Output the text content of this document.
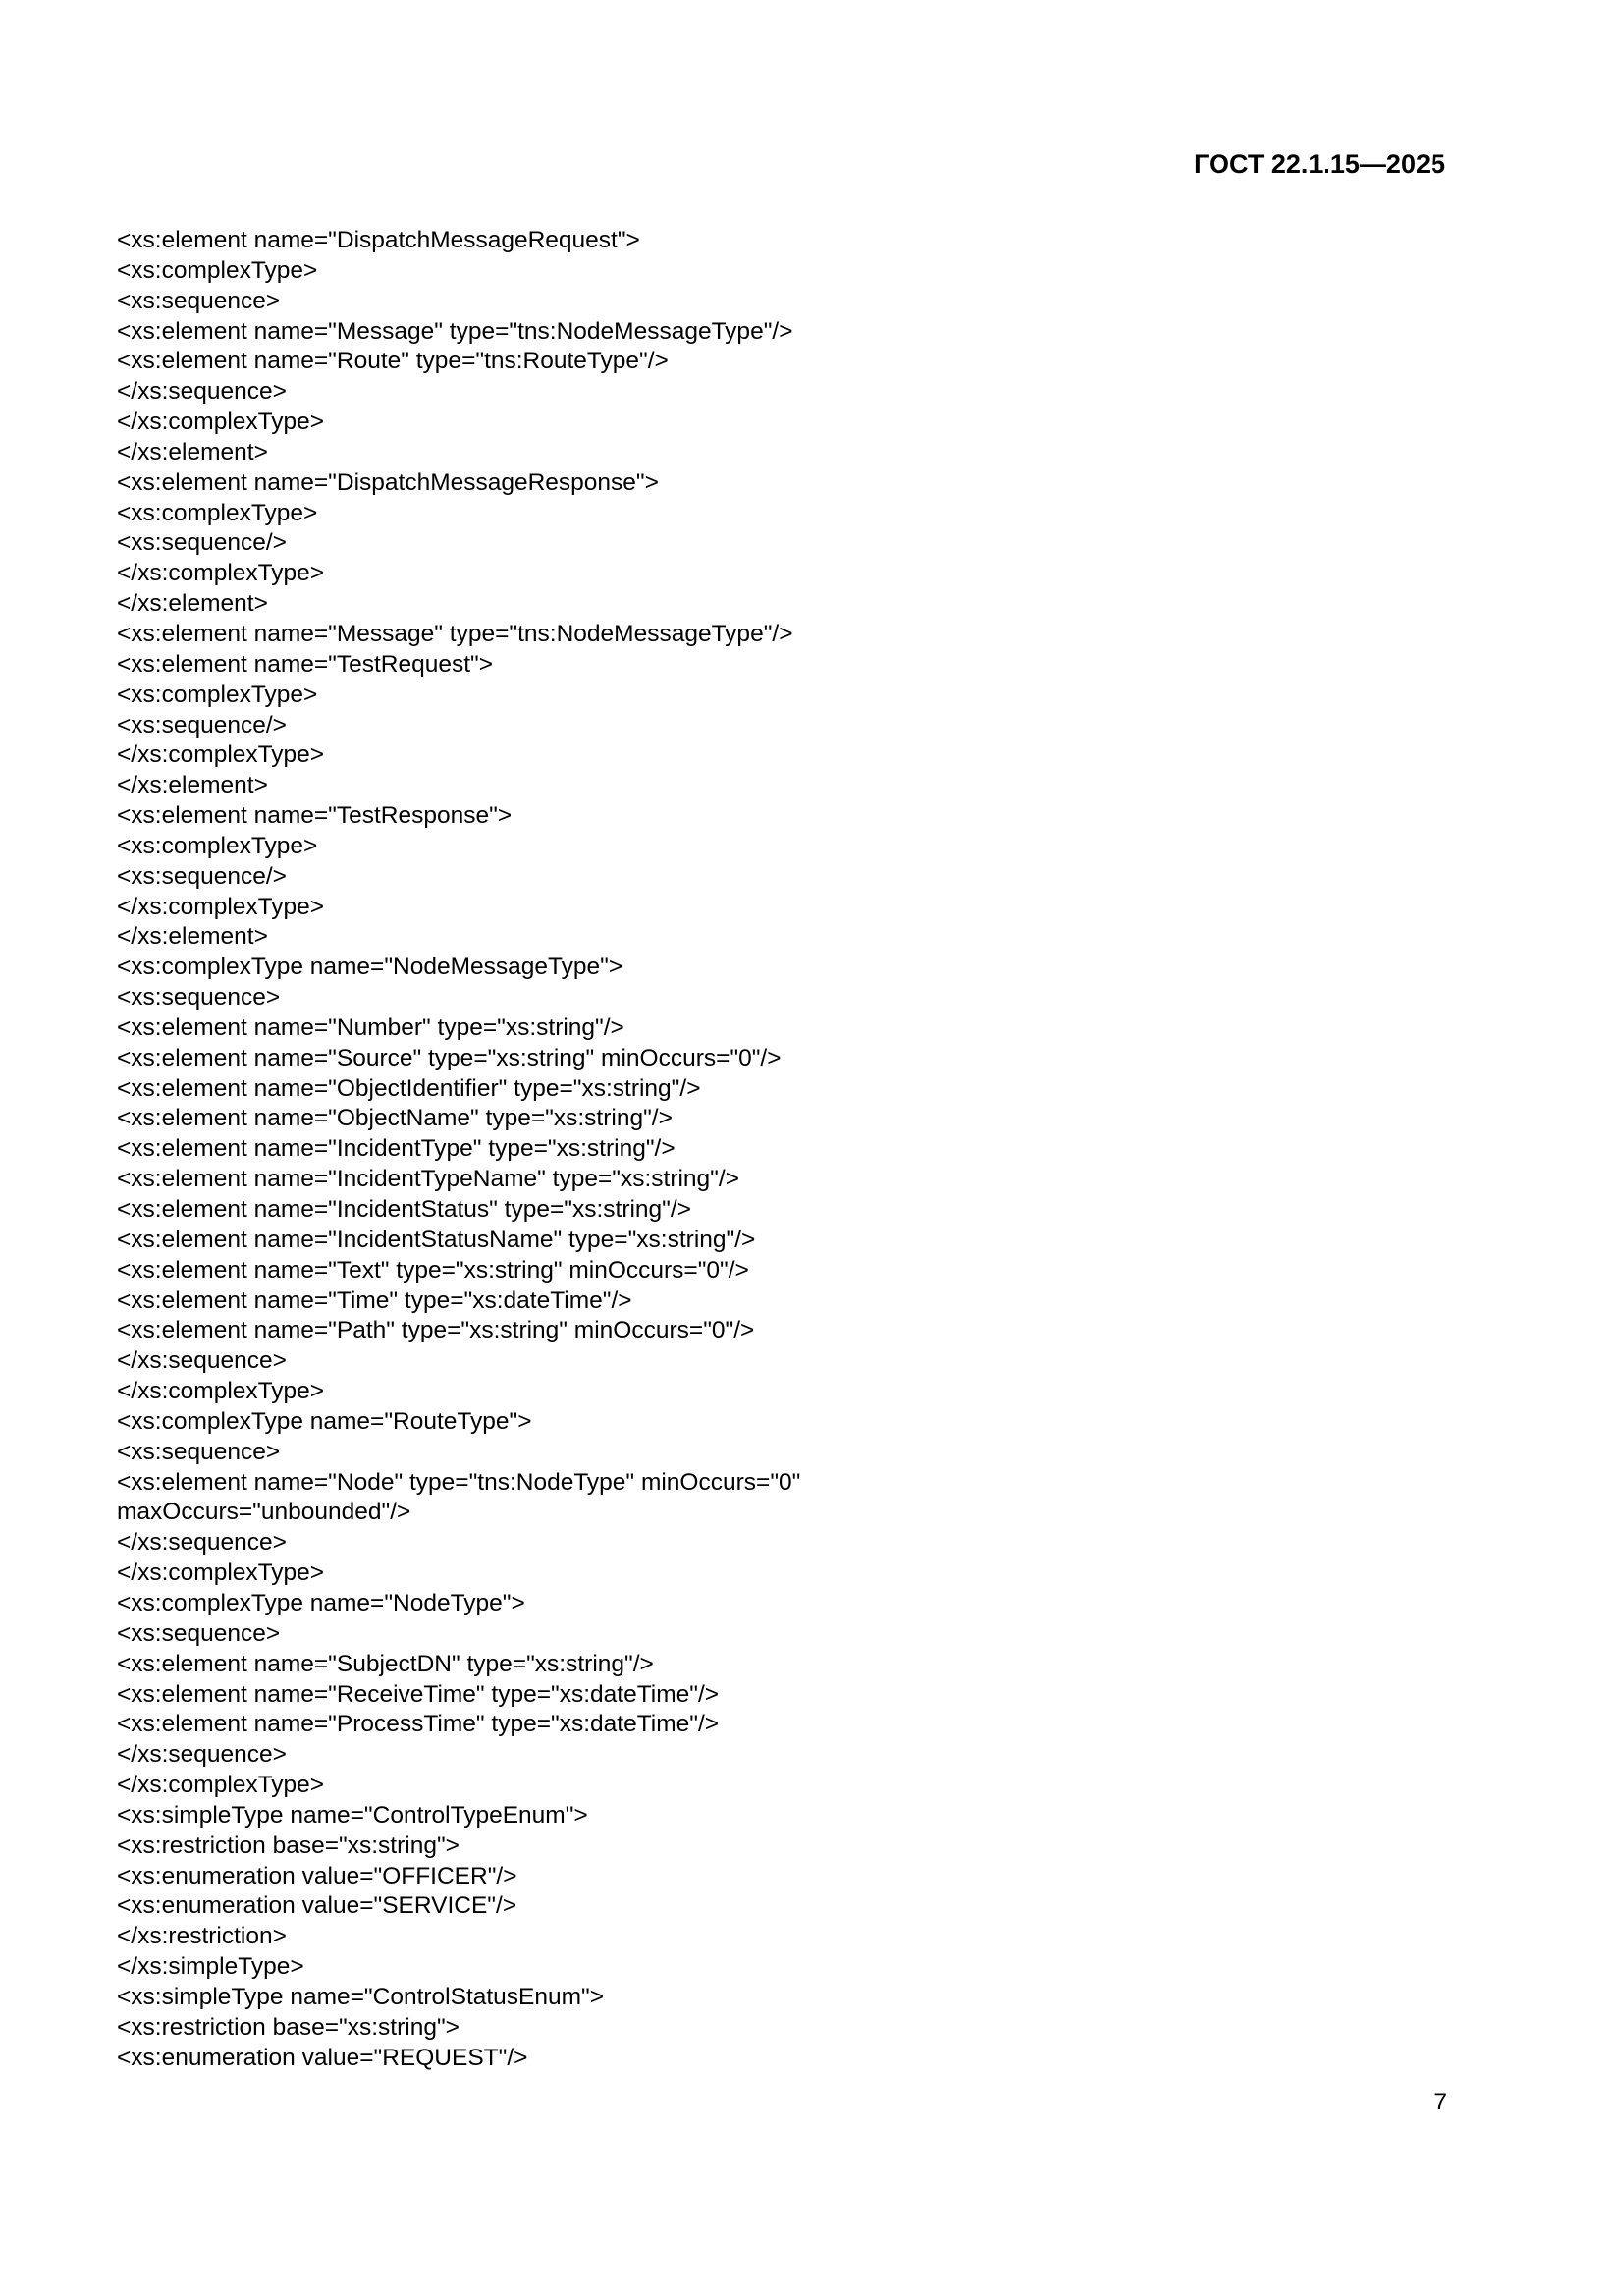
ГОСТ 22.1.15—2025
<xs:element name="DispatchMessageRequest">
<xs:complexType>
<xs:sequence>
<xs:element name="Message" type="tns:NodeMessageType"/>
<xs:element name="Route" type="tns:RouteType"/>
</xs:sequence>
</xs:complexType>
</xs:element>
<xs:element name="DispatchMessageResponse">
<xs:complexType>
<xs:sequence/>
</xs:complexType>
</xs:element>
<xs:element name="Message" type="tns:NodeMessageType"/>
<xs:element name="TestRequest">
<xs:complexType>
<xs:sequence/>
</xs:complexType>
</xs:element>
<xs:element name="TestResponse">
<xs:complexType>
<xs:sequence/>
</xs:complexType>
</xs:element>
<xs:complexType name="NodeMessageType">
<xs:sequence>
<xs:element name="Number" type="xs:string"/>
<xs:element name="Source" type="xs:string" minOccurs="0"/>
<xs:element name="ObjectIdentifier" type="xs:string"/>
<xs:element name="ObjectName" type="xs:string"/>
<xs:element name="IncidentType" type="xs:string"/>
<xs:element name="IncidentTypeName" type="xs:string"/>
<xs:element name="IncidentStatus" type="xs:string"/>
<xs:element name="IncidentStatusName" type="xs:string"/>
<xs:element name="Text" type="xs:string" minOccurs="0"/>
<xs:element name="Time" type="xs:dateTime"/>
<xs:element name="Path" type="xs:string" minOccurs="0"/>
</xs:sequence>
</xs:complexType>
<xs:complexType name="RouteType">
<xs:sequence>
<xs:element name="Node" type="tns:NodeType" minOccurs="0"
maxOccurs="unbounded"/>
</xs:sequence>
</xs:complexType>
<xs:complexType name="NodeType">
<xs:sequence>
<xs:element name="SubjectDN" type="xs:string"/>
<xs:element name="ReceiveTime" type="xs:dateTime"/>
<xs:element name="ProcessTime" type="xs:dateTime"/>
</xs:sequence>
</xs:complexType>
<xs:simpleType name="ControlTypeEnum">
<xs:restriction base="xs:string">
<xs:enumeration value="OFFICER"/>
<xs:enumeration value="SERVICE"/>
</xs:restriction>
</xs:simpleType>
<xs:simpleType name="ControlStatusEnum">
<xs:restriction base="xs:string">
<xs:enumeration value="REQUEST"/>
7
